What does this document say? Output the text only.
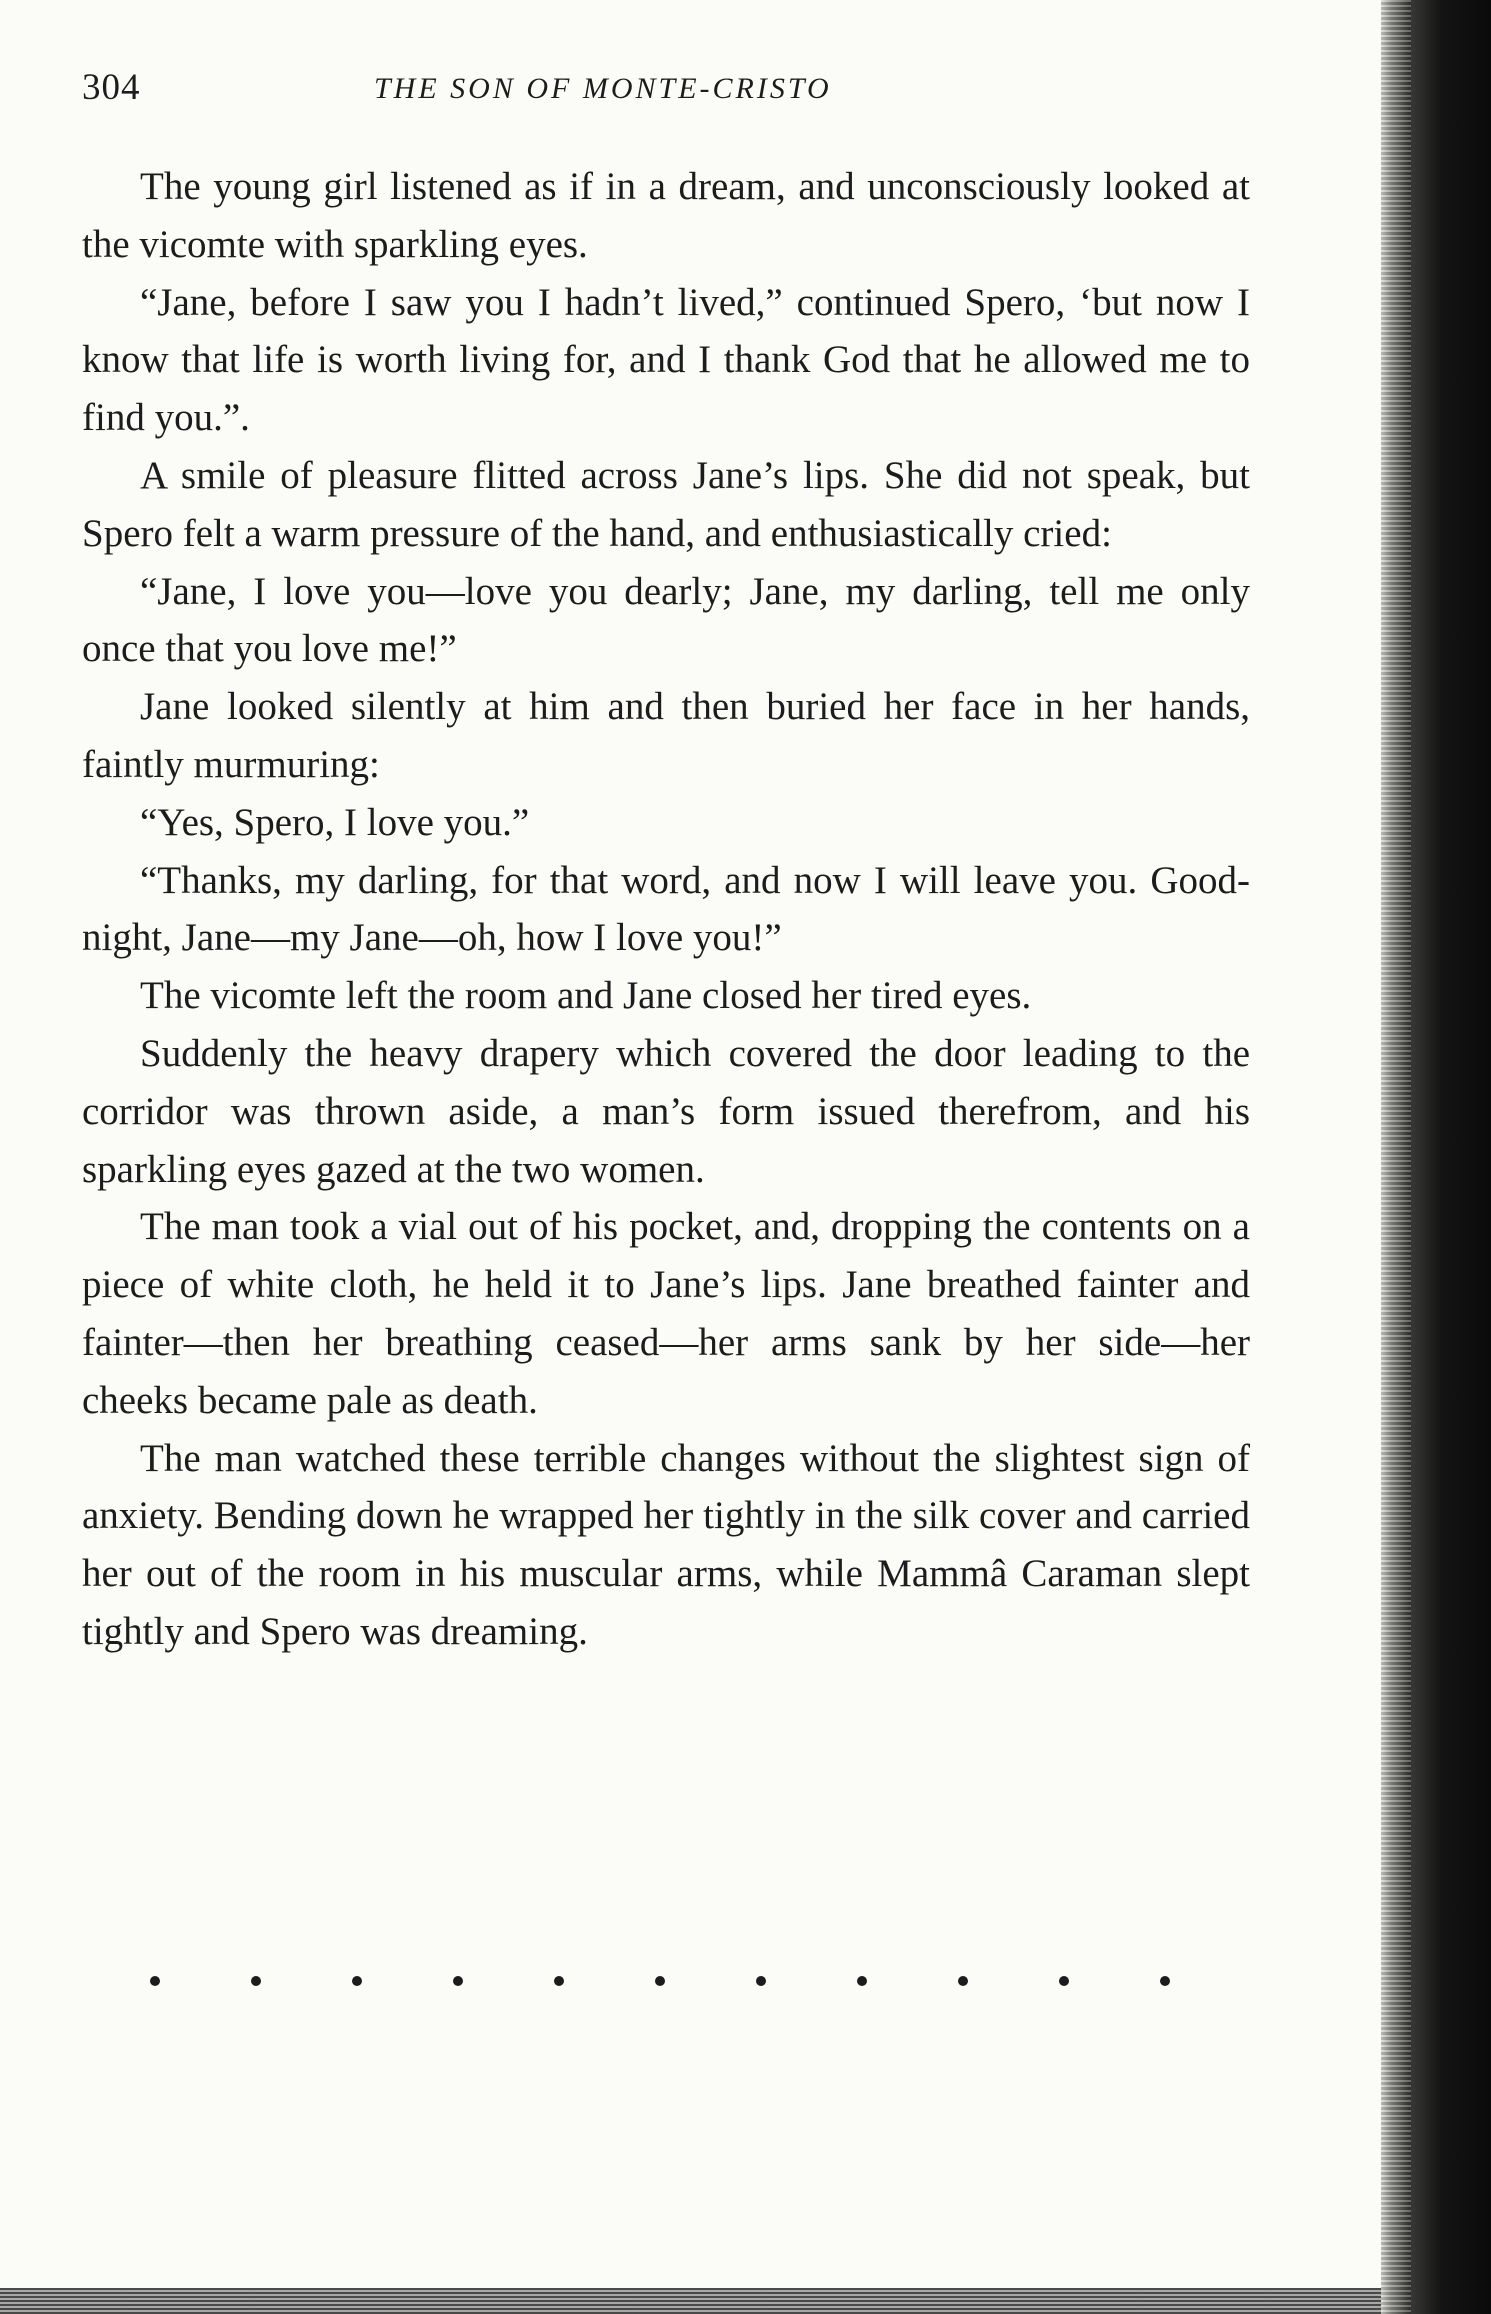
304	THE SON OF MONTE-CRISTO

The young girl listened as if in a dream, and unconsciously looked at the vicomte with sparkling eyes.

“Jane, before I saw you I hadn’t lived,” continued Spero, ‘but now I know that life is worth living for, and I thank God that he allowed me to find you.”.

A smile of pleasure flitted across Jane’s lips. She did not speak, but Spero felt a warm pressure of the hand, and enthusiastically cried:

“Jane, I love you—love you dearly; Jane, my darling, tell me only once that you love me!”

Jane looked silently at him and then buried her face in her hands, faintly murmuring:

“Yes, Spero, I love you.”

“Thanks, my darling, for that word, and now I will leave you. Good-night, Jane—my Jane—oh, how I love you!”

The vicomte left the room and Jane closed her tired eyes.

Suddenly the heavy drapery which covered the door leading to the corridor was thrown aside, a man’s form issued therefrom, and his sparkling eyes gazed at the two women.

The man took a vial out of his pocket, and, dropping the contents on a piece of white cloth, he held it to Jane’s lips. Jane breathed fainter and fainter—then her breathing ceased—her arms sank by her side—her cheeks became pale as death.

The man watched these terrible changes without the slightest sign of anxiety. Bending down he wrapped her tightly in the silk cover and carried her out of the room in his muscular arms, while Mammâ Caraman slept tightly and Spero was dreaming.
